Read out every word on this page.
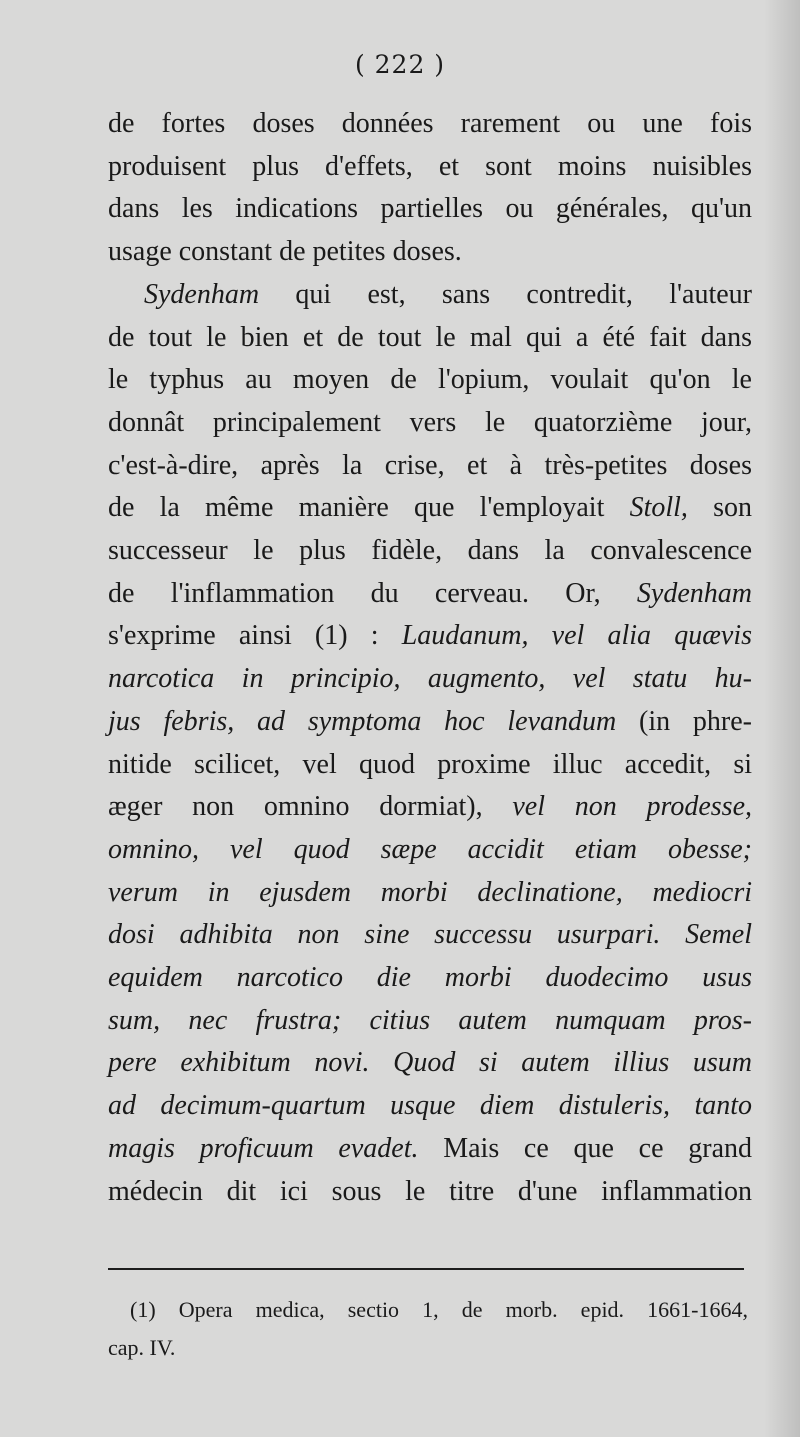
( 222 )
de fortes doses données rarement ou une fois
produisent plus d'effets, et sont moins nuisibles
dans les indications partielles ou générales, qu'un
usage constant de petites doses.
Sydenham qui est, sans contredit, l'auteur
de tout le bien et de tout le mal qui a été fait dans
le typhus au moyen de l'opium, voulait qu'on le
donnât principalement vers le quatorzième jour,
c'est-à-dire, après la crise, et à très-petites doses
de la même manière que l'employait Stoll, son
successeur le plus fidèle, dans la convalescence
de l'inflammation du cerveau. Or, Sydenham
s'exprime ainsi (1) : Laudanum, vel alia quævis
narcotica in principio, augmento, vel statu hu-
jus febris, ad symptoma hoc levandum (in phre-
nitide scilicet, vel quod proxime illuc accedit, si
æger non omnino dormiat), vel non prodesse,
omnino, vel quod sæpe accidit etiam obesse;
verum in ejusdem morbi declinatione, mediocri
dosi adhibita non sine successu usurpari. Semel
equidem narcotico die morbi duodecimo usus
sum, nec frustra; citius autem numquam pros-
pere exhibitum novi. Quod si autem illius usum
ad decimum-quartum usque diem distuleris, tanto
magis proficuum evadet. Mais ce que ce grand
médecin dit ici sous le titre d'une inflammation
(1) Opera medica, sectio 1, de morb. epid. 1661-1664,
cap. IV.
